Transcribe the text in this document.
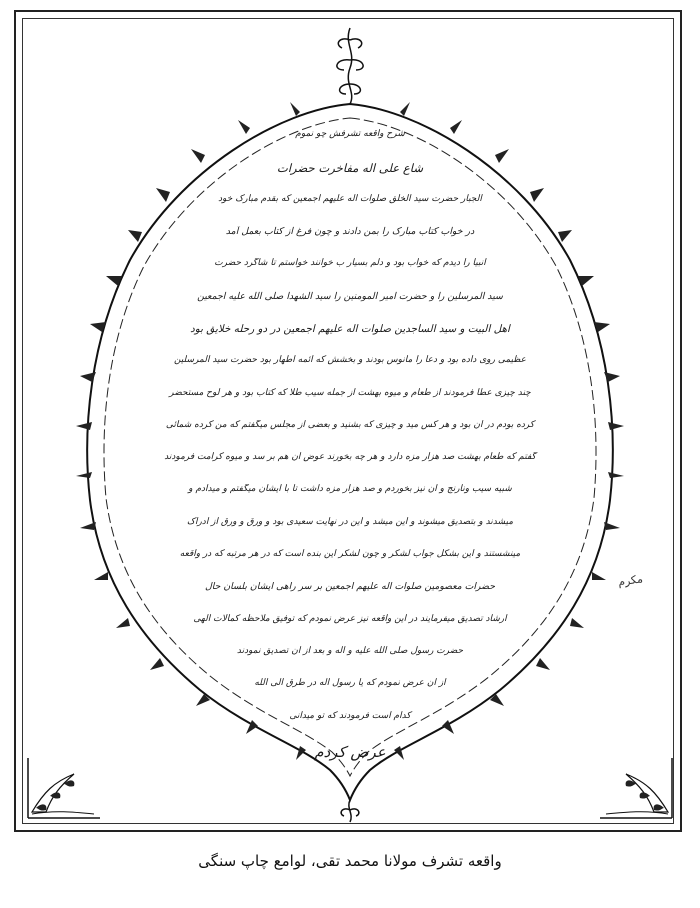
مکرم
شرح واقعه تشرفش چو نموم
شاع علی اله مفاخرت حضرات
الجبار حضرت سید الخلق صلوات اله علیهم اجمعین که بقدم مبارک خود
در خواب کتاب مبارک را بمن دادند و چون فرغ از کتاب بعمل آمد
انبیا را دیدم که خواب بود و دلم بسیار ب خوانند خواستم تا شاگرد حضرت
سید المرسلین را و حضرت امیر المومنین را سید الشهدا صلی الله علیه اجمعین
اهل البیت و سید الساجدین صلوات اله علیهم اجمعین در دو رحله خلایق بود
عظیمی روی داده بود و دعا را مانوس بودند و بخشش که ائمه اطهار بود حضرت سید المرسلین
چند چیزی عطا فرمودند از طعام و میوه بهشت از جمله سیب طلا که کتاب بود و هر لوح مستحضر
کرده بودم در آن بود و هر کس مید و چیزی که بشنید و بعضی از مجلس میگفتم که من کرده شمائی
گفتم که طعام بهشت صد هزار مزه دارد و هر چه بخورند عوض آن هم بر سد و میوه کرامت فرمودند
شبیه سیب ونارنج و آن نیز بخوردم و صد هزار مزه داشت تا با ایشان میگفتم و میدادم و
میشدند و بتصدیق میشوند و این میشد و این در نهایت سعیدی بود و ورق و ورق از ادراک
مینشستند و این بشکل جواب لشکر و چون لشکر این بنده است که در هر مرتبه که در واقعه
حضرات معصومین صلوات اله علیهم اجمعین بر سر راهی ایشان بلسان حال
ارشاد تصدیق میفرمایند در این واقعه نیز عرض نمودم که توفیق ملاحظه کمالات الهی
حضرت رسول صلی الله علیه و آله و بعد از آن تصدیق نمودند
از آن عرض نمودم که یا رسول اله در طرق الی الله
کدام است فرمودند که تو میدانی
عرض کردم
واقعه تشرف مولانا محمد تقی، لوامع چاپ سنگی
